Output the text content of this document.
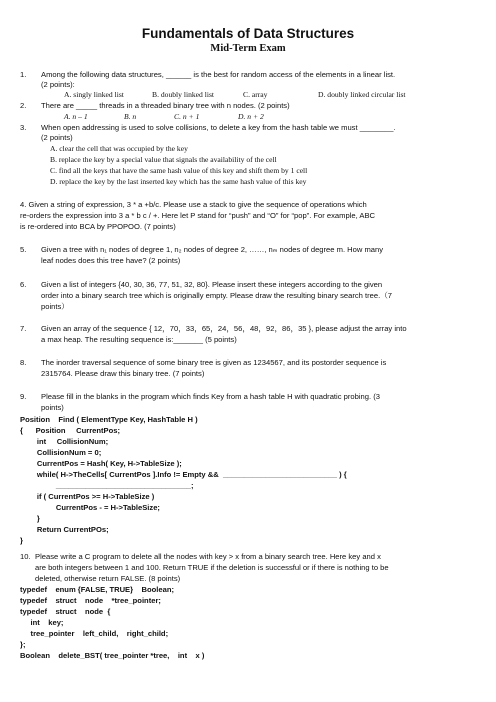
Fundamentals of Data Structures
Mid-Term Exam
1. Among the following data structures, ______ is the best for random access of the elements in a linear list.
(2 points):
A. singly linked list	B. doubly linked list	C. array	D. doubly linked circular list
2. There are _____ threads in a threaded binary tree with n nodes. (2 points)
A. n – 1	B. n	C. n + 1	D. n + 2
3. When open addressing is used to solve collisions, to delete a key from the hash table we must ________.
(2 points)
A. clear the cell that was occupied by the key
B. replace the key by a special value that signals the availability of the cell
C. find all the keys that have the same hash value of this key and shift them by 1 cell
D. replace the key by the last inserted key which has the same hash value of this key
4. Given a string of expression, 3 * a +b/c. Please use a stack to give the sequence of operations which
re-orders the expression into 3 a * b c / +. Here let P stand for “push” and “O” for “pop”. For example, ABC
is re-ordered into BCA by PPOPOO. (7 points)
5. Given a tree with n₁ nodes of degree 1, n₂ nodes of degree 2, ……, nₘ nodes of degree m. How many
leaf nodes does this tree have? (2 points)
6. Given a list of integers {40, 30, 36, 77, 51, 32, 80}. Please insert these integers according to the given
order into a binary search tree which is originally empty. Please draw the resulting binary search tree.（7
points）
7. Given an array of the sequence { 12，70，33，65，24，56，48，92，86，35 }, please adjust the array into
a max heap. The resulting sequence is:_______ (5 points)
8. The inorder traversal sequence of some binary tree is given as 1234567, and its postorder sequence is
2315764. Please draw this binary tree. (7 points)
9. Please fill in the blanks in the program which finds Key from a hash table H with quadratic probing. (3
points)
Position    Find ( ElementType Key, HashTable H )
{      Position     CurrentPos;
int     CollisionNum;
CollisionNum = 0;
CurrentPos = Hash( Key, H->TableSize );
while( H->TheCells[ CurrentPos ].Info != Empty &&  ___________________________ ) {
________________________________;
if ( CurrentPos >= H->TableSize )
CurrentPos - = H->TableSize;
}
Return CurrentPOs;
}
10. Please write a C program to delete all the nodes with key > x from a binary search tree. Here key and x
are both integers between 1 and 100. Return TRUE if the deletion is successful or if there is nothing to be
deleted, otherwise return FALSE. (8 points)
typedef    enum {FALSE, TRUE}    Boolean;
typedef    struct    node    *tree_pointer;
typedef    struct    node  {
int    key;
tree_pointer    left_child,    right_child;
};
Boolean    delete_BST( tree_pointer *tree,    int    x )
